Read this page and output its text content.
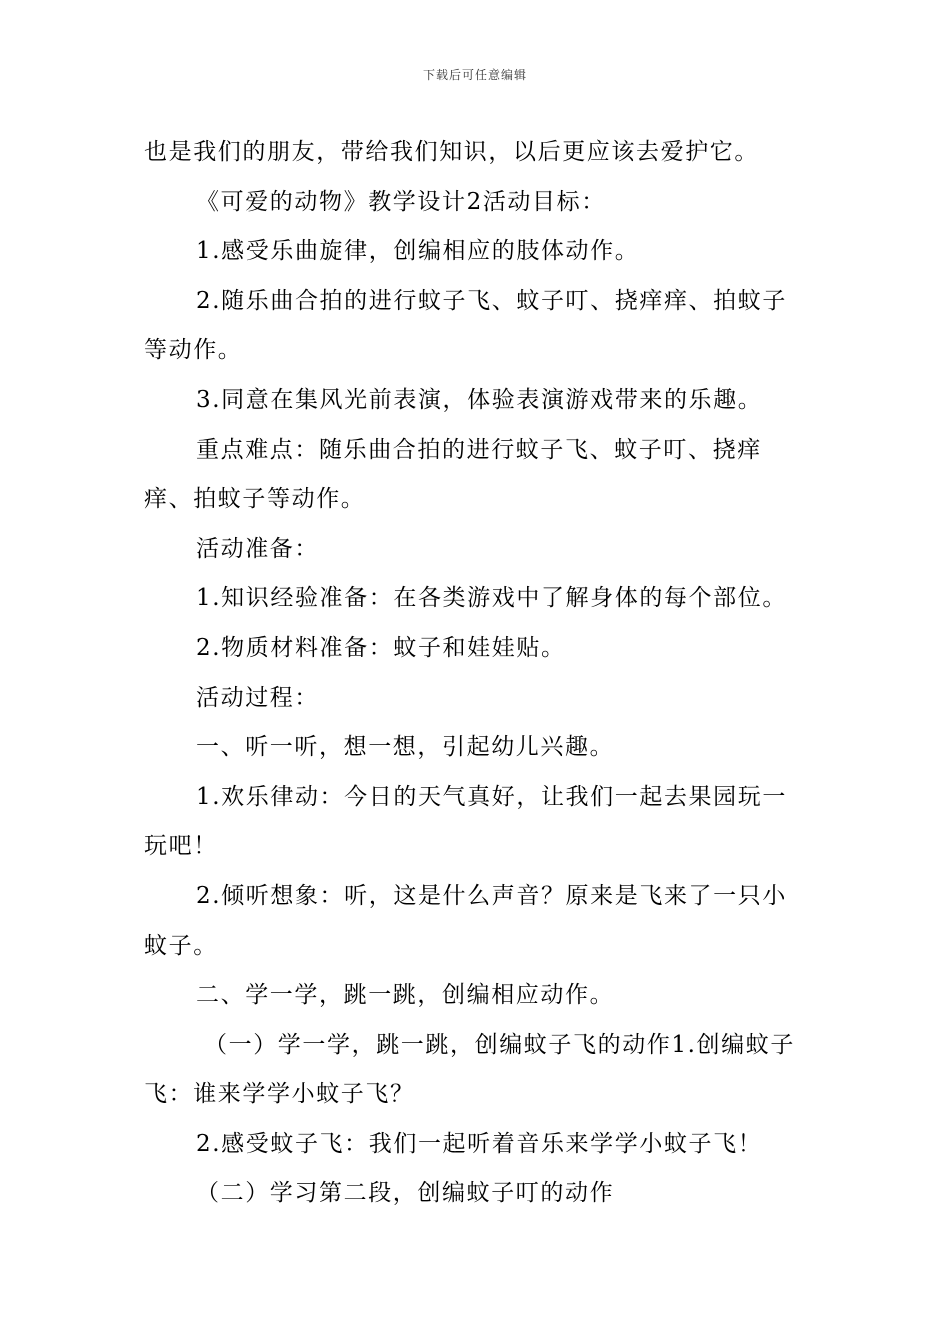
下载后可任意编辑

也是我们的朋友，带给我们知识，以后更应该去爱护它。

《可爱的动物》教学设计2活动目标：

1.感受乐曲旋律，创编相应的肢体动作。

2.随乐曲合拍的进行蚊子飞、蚊子叮、挠痒痒、拍蚊子等动作。

3.同意在集风光前表演，体验表演游戏带来的乐趣。

重点难点：随乐曲合拍的进行蚊子飞、蚊子叮、挠痒痒、拍蚊子等动作。

活动准备：

1.知识经验准备：在各类游戏中了解身体的每个部位。

2.物质材料准备：蚊子和娃娃贴。

活动过程：

一、听一听，想一想，引起幼儿兴趣。

1.欢乐律动：今日的天气真好，让我们一起去果园玩一玩吧！

2.倾听想象：听，这是什么声音？原来是飞来了一只小蚊子。

二、学一学，跳一跳，创编相应动作。

（一）学一学，跳一跳，创编蚊子飞的动作1.创编蚊子飞：谁来学学小蚊子飞？

2.感受蚊子飞：我们一起听着音乐来学学小蚊子飞！

（二）学习第二段，创编蚊子叮的动作
